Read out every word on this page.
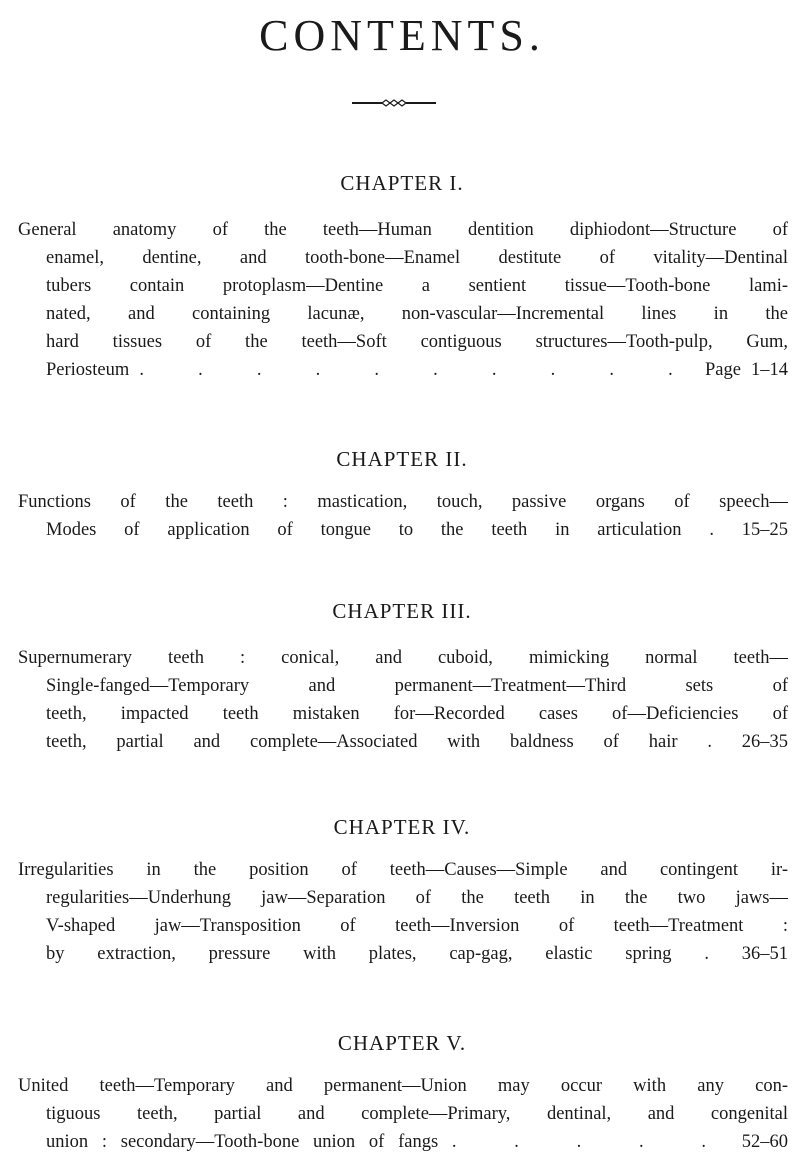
CONTENTS.
CHAPTER I.
General anatomy of the teeth—Human dentition diphiodont—Structure of
enamel, dentine, and tooth-bone—Enamel destitute of vitality—Dentinal
tubers contain protoplasm—Dentine a sentient tissue—Tooth-bone lami-
nated, and containing lacunæ, non-vascular—Incremental lines in the
hard tissues of the teeth—Soft contiguous structures—Tooth-pulp, Gum,
Periosteum . . . . . . . . . . Page 1–14
CHAPTER II.
Functions of the teeth : mastication, touch, passive organs of speech—
Modes of application of tongue to the teeth in articulation . 15–25
CHAPTER III.
Supernumerary teeth : conical, and cuboid, mimicking normal teeth—
Single-fanged—Temporary and permanent—Treatment—Third sets of
teeth, impacted teeth mistaken for—Recorded cases of—Deficiencies of
teeth, partial and complete—Associated with baldness of hair . 26–35
CHAPTER IV.
Irregularities in the position of teeth—Causes—Simple and contingent ir-
regularities—Underhung jaw—Separation of the teeth in the two jaws—
V-shaped jaw—Transposition of teeth—Inversion of teeth—Treatment :
by extraction, pressure with plates, cap-gag, elastic spring . 36–51
CHAPTER V.
United teeth—Temporary and permanent—Union may occur with any con-
tiguous teeth, partial and complete—Primary, dentinal, and congenital
union : secondary—Tooth-bone union of fangs . . . . . 52–60
